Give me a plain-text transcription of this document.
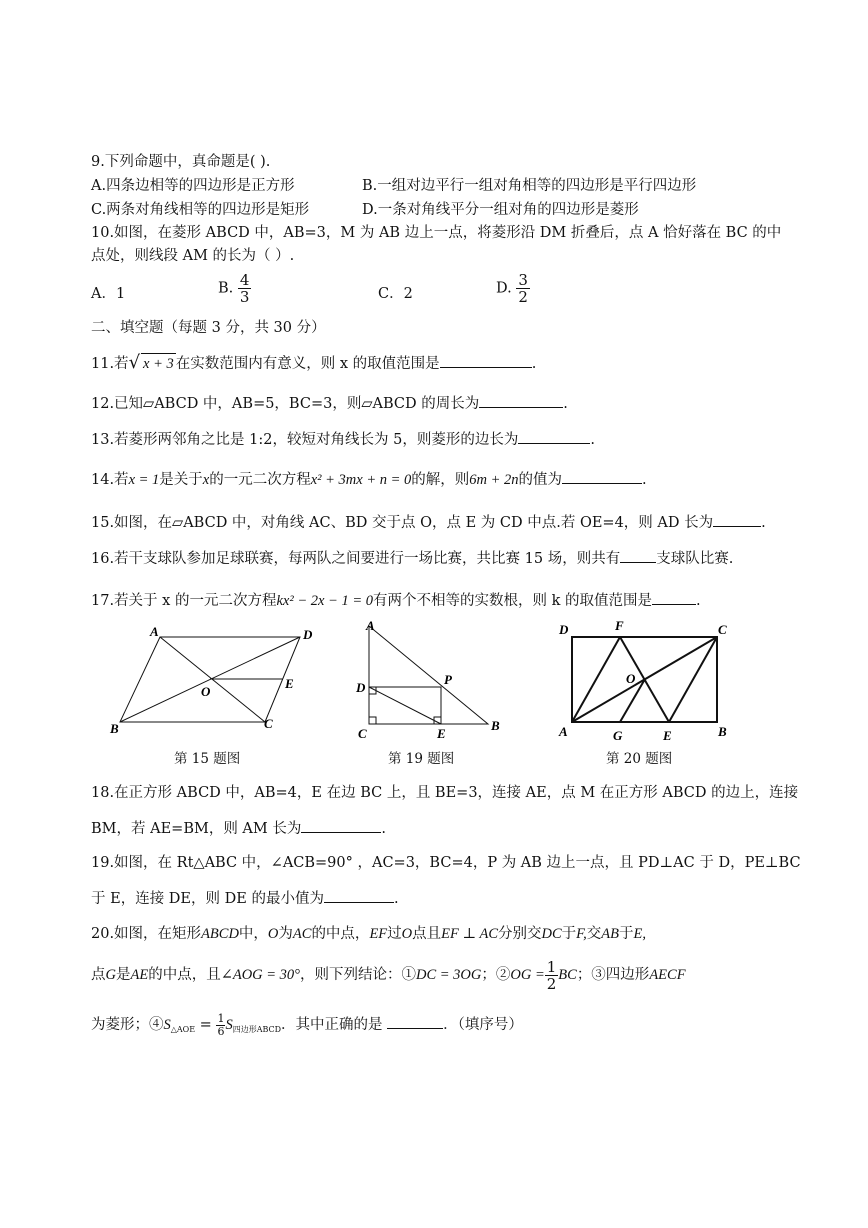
9.下列命题中，真命题是( ).
A.四条边相等的四边形是正方形	B.一组对边平行一组对角相等的四边形是平行四边形
C.两条对角线相等的四边形是矩形	D.一条对角线平分一组对角的四边形是菱形
10.如图，在菱形 ABCD 中，AB=3，M 为 AB 边上一点，将菱形沿 DM 折叠后，点 A 恰好落在 BC 的中
点处，则线段 AM 的长为（ ）.
A．1	B. $\frac{4}{3}$	C．2	D. $\frac{3}{2}$
二、填空题（每题 3 分，共 30 分）
11.若√ x + 3 在实数范围内有意义，则 x 的取值范围是	.
12.已知▱ABCD 中，AB=5，BC=3，则▱ABCD 的周长为	.
13.若菱形两邻角之比是 1:2，较短对角线长为 5，则菱形的边长为	.
14.若x = 1是关于x的一元二次方程x² + 3mx + n = 0的解，则6m + 2n的值为	.
15.如图，在▱ABCD 中，对角线 AC、BD 交于点 O，点 E 为 CD 中点.若 OE=4，则 AD 长为	.
16.若干支球队参加足球联赛，每两队之间要进行一场比赛，共比赛 15 场，则共有 支球队比赛.
17.若关于 x 的一元二次方程kx² − 2x − 1 = 0有两个不相等的实数根，则 k 的取值范围是	.
A	D
O
E
B	C
第 15 题图
A
D
P
C	E
B
第 19 题图
D	F	C
O
A	G	E	B
第 20 题图
18.在正方形 ABCD 中，AB=4，E 在边 BC 上，且 BE=3，连接 AE，点 M 在正方形 ABCD 的边上，连接
BM，若 AE=BM，则 AM 长为	.
19.如图，在 Rt△ABC 中，∠ACB=90° ，AC=3，BC=4，P 为 AB 边上一点，且 PD⊥AC 于 D，PE⊥BC
于 E，连接 DE，则 DE 的最小值为	.
20.如图，在矩形ABCD中，O为AC的中点，EF过O点且EF ⊥ AC分别交DC于F,交AB于E,
点G是AE的中点，且∠AOG = 30°，则下列结论：①DC = 3OG；②OG = $\frac{1}{2}$ BC；③四边形AECF
为菱形；$④S_{\triangle AOE} = \frac{1}{6} S_{四边形ABCD}$．其中正确的是	．（填序号）
